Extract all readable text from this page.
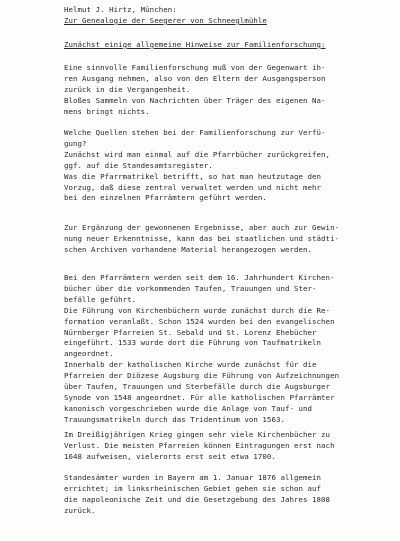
Helmut J. Hirtz, München:
Zur Genealogie der Seegerer von Schneeglmühle
Zunächst einige allgemeine Hinweise zur Familienforschung:
Eine sinnvolle Familienforschung muß von der Gegenwart ih-
ren Ausgang nehmen, also von den Eltern der Ausgangsperson
zurück in die Vergangenheit.
Bloßes Sammeln von Nachrichten über Träger des eigenen Na-
mens bringt nichts.
Welche Quellen stehen bei der Familienforschung zur Verfü-
gung?
Zunächst wird man einmal auf die Pfarrbücher zurückgreifen,
ggf. auf die Standesamtsregister.
Was die Pfarrmatrikel betrifft, so hat man heutzutage den
Vorzug, daß diese zentral verwaltet werden und nicht mehr
bei den einzelnen Pfarrämtern geführt werden.
Zur Ergänzung der gewonnenen Ergebnisse, aber auch zur Gewin-
nung neuer Erkenntnisse, kann das bei staatlichen und städti-
schen Archiven vorhandene Material herangezogen werden.
Bei den Pfarrämtern werden seit dem 16. Jahrhundert Kirchen-
bücher über die vorkommenden Taufen, Trauungen und Ster-
befälle geführt.
Die Führung von Kirchenbüchern wurde zunächst durch die Re-
formation veranlaßt. Schon 1524 wurden bei den evangelischen
Nürnberger Pfarreien St. Sebald und St. Lorenz Ehebücher
eingeführt. 1533 wurde dort die Führung von Taufmatrikeln
angeordnet.
Innerhalb der katholischen Kirche wurde zunächst für die
Pfarreien der Diözese Augsburg die Führung von Aufzeichnungen
über Taufen, Trauungen und Sterbefälle durch die Augsburger
Synode von 1548 angeordnet. Für alle katholischen Pfarrämter
kanonisch vorgeschrieben wurde die Anlage von Tauf- und
Trauungsmatrikeln durch das Tridentinum von 1563.
Im Dreißigjährigen Krieg gingen sehr viele Kirchenbücher zu
Verlust. Die meisten Pfarreien können Eintragungen erst nach
1648 aufweisen, vielerorts erst seit etwa 1700.
Standesämter wurden in Bayern am 1. Januar 1876 allgemein
errichtet; im linksrheinischen Gebiet gehen sie schon auf
die napoleonische Zeit und die Gesetzgebung des Jahres 1808
zurück.
